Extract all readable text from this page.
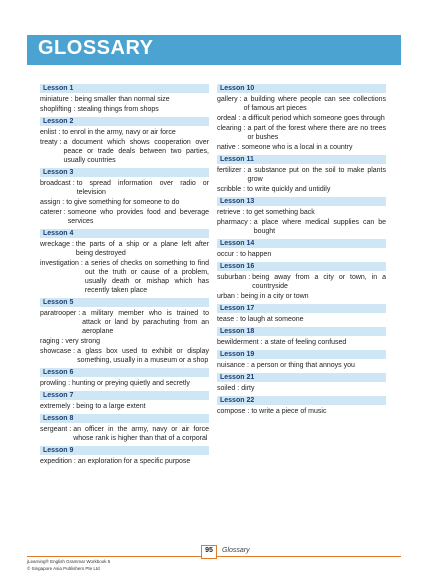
GLOSSARY
Lesson 1
miniature : being smaller than normal size
shoplifting : stealing things from shops
Lesson 2
enlist : to enrol in the army, navy or air force
treaty : a document which shows cooperation over peace or trade deals between two parties, usually countries
Lesson 3
broadcast : to spread information over radio or television
assign : to give something for someone to do
caterer : someone who provides food and beverage services
Lesson 4
wreckage : the parts of a ship or a plane left after being destroyed
investigation : a series of checks on something to find out the truth or cause of a problem, usually death or mishap which has recently taken place
Lesson 5
paratrooper : a military member who is trained to attack or land by parachuting from an aeroplane
raging : very strong
showcase : a glass box used to exhibit or display something, usually in a museum or a shop
Lesson 6
prowling : hunting or preying quietly and secretly
Lesson 7
extremely : being to a large extent
Lesson 8
sergeant : an officer in the army, navy or air force whose rank is higher than that of a corporal
Lesson 9
expedition : an exploration for a specific purpose
Lesson 10
gallery : a building where people can see collections of famous art pieces
ordeal : a difficult period which someone goes through
clearing : a part of the forest where there are no trees or bushes
native : someone who is a local in a country
Lesson 11
fertilizer : a substance put on the soil to make plants grow
scribble : to write quickly and untidily
Lesson 13
retrieve : to get something back
pharmacy : a place where medical supplies can be bought
Lesson 14
occur : to happen
Lesson 16
suburban : being away from a city or town, in a countryside
urban : being in a city or town
Lesson 17
tease : to laugh at someone
Lesson 18
bewilderment : a state of feeling confused
Lesson 19
nuisance : a person or thing that annoys you
Lesson 21
soiled : dirty
Lesson 22
compose : to write a piece of music
95	Glossary
jLearning® English Grammar Workbook 5
© Singapore Asia Publishers Pte Ltd
